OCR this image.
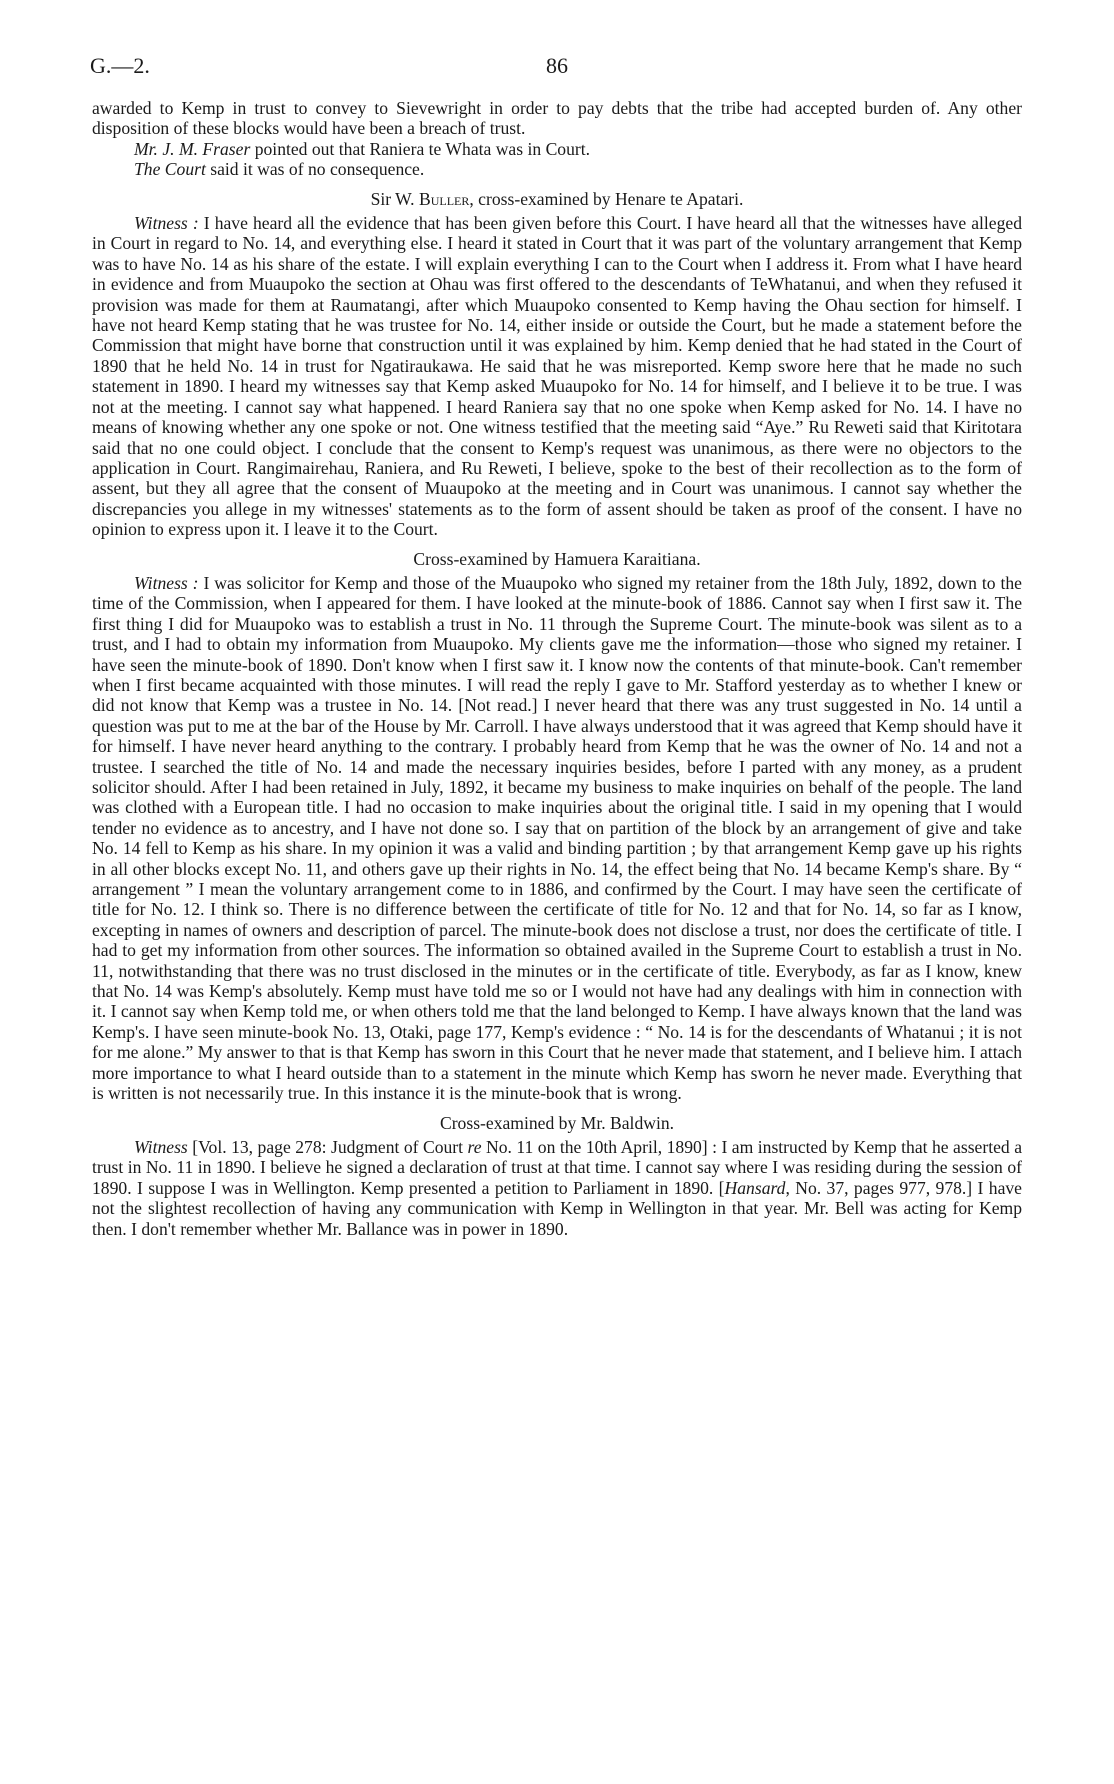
G.—2.	86

awarded to Kemp in trust to convey to Sievewright in order to pay debts that the tribe had accepted burden of. Any other disposition of these blocks would have been a breach of trust.

Mr. J. M. Fraser pointed out that Raniera te Whata was in Court.

The Court said it was of no consequence.

Sir W. Buller, cross-examined by Henare te Apatari.

Witness : I have heard all the evidence that has been given before this Court. I have heard all that the witnesses have alleged in Court in regard to No. 14, and everything else. I heard it stated in Court that it was part of the voluntary arrangement that Kemp was to have No. 14 as his share of the estate. I will explain everything I can to the Court when I address it. From what I have heard in evidence and from Muaupoko the section at Ohau was first offered to the descendants of TeWhatanui, and when they refused it provision was made for them at Raumatangi, after which Muaupoko consented to Kemp having the Ohau section for himself. I have not heard Kemp stating that he was trustee for No. 14, either inside or outside the Court, but he made a statement before the Commission that might have borne that construction until it was explained by him. Kemp denied that he had stated in the Court of 1890 that he held No. 14 in trust for Ngatiraukawa. He said that he was misreported. Kemp swore here that he made no such statement in 1890. I heard my witnesses say that Kemp asked Muaupoko for No. 14 for himself, and I believe it to be true. I was not at the meeting. I cannot say what happened. I heard Raniera say that no one spoke when Kemp asked for No. 14. I have no means of knowing whether any one spoke or not. One witness testified that the meeting said “Aye.” Ru Reweti said that Kiritotara said that no one could object. I conclude that the consent to Kemp's request was unanimous, as there were no objectors to the application in Court. Rangimairehau, Raniera, and Ru Reweti, I believe, spoke to the best of their recollection as to the form of assent, but they all agree that the consent of Muaupoko at the meeting and in Court was unanimous. I cannot say whether the discrepancies you allege in my witnesses' statements as to the form of assent should be taken as proof of the consent. I have no opinion to express upon it. I leave it to the Court.

Cross-examined by Hamuera Karaitiana.

Witness : I was solicitor for Kemp and those of the Muaupoko who signed my retainer from the 18th July, 1892, down to the time of the Commission, when I appeared for them. I have looked at the minute-book of 1886. Cannot say when I first saw it. The first thing I did for Muaupoko was to establish a trust in No. 11 through the Supreme Court. The minute-book was silent as to a trust, and I had to obtain my information from Muaupoko. My clients gave me the information—those who signed my retainer. I have seen the minute-book of 1890. Don't know when I first saw it. I know now the contents of that minute-book. Can't remember when I first became acquainted with those minutes. I will read the reply I gave to Mr. Stafford yesterday as to whether I knew or did not know that Kemp was a trustee in No. 14. [Not read.] I never heard that there was any trust suggested in No. 14 until a question was put to me at the bar of the House by Mr. Carroll. I have always understood that it was agreed that Kemp should have it for himself. I have never heard anything to the contrary. I probably heard from Kemp that he was the owner of No. 14 and not a trustee. I searched the title of No. 14 and made the necessary inquiries besides, before I parted with any money, as a prudent solicitor should. After I had been retained in July, 1892, it became my business to make inquiries on behalf of the people. The land was clothed with a European title. I had no occasion to make inquiries about the original title. I said in my opening that I would tender no evidence as to ancestry, and I have not done so. I say that on partition of the block by an arrangement of give and take No. 14 fell to Kemp as his share. In my opinion it was a valid and binding partition ; by that arrangement Kemp gave up his rights in all other blocks except No. 11, and others gave up their rights in No. 14, the effect being that No. 14 became Kemp's share. By “ arrangement ” I mean the voluntary arrangement come to in 1886, and confirmed by the Court. I may have seen the certificate of title for No. 12. I think so. There is no difference between the certificate of title for No. 12 and that for No. 14, so far as I know, excepting in names of owners and description of parcel. The minute-book does not disclose a trust, nor does the certificate of title. I had to get my information from other sources. The information so obtained availed in the Supreme Court to establish a trust in No. 11, notwithstanding that there was no trust disclosed in the minutes or in the certificate of title. Everybody, as far as I know, knew that No. 14 was Kemp's absolutely. Kemp must have told me so or I would not have had any dealings with him in connection with it. I cannot say when Kemp told me, or when others told me that the land belonged to Kemp. I have always known that the land was Kemp's. I have seen minute-book No. 13, Otaki, page 177, Kemp's evidence : “ No. 14 is for the descendants of Whatanui ; it is not for me alone.” My answer to that is that Kemp has sworn in this Court that he never made that statement, and I believe him. I attach more importance to what I heard outside than to a statement in the minute which Kemp has sworn he never made. Everything that is written is not necessarily true. In this instance it is the minute-book that is wrong.

Cross-examined by Mr. Baldwin.

Witness [Vol. 13, page 278: Judgment of Court re No. 11 on the 10th April, 1890] : I am instructed by Kemp that he asserted a trust in No. 11 in 1890. I believe he signed a declaration of trust at that time. I cannot say where I was residing during the session of 1890. I suppose I was in Wellington. Kemp presented a petition to Parliament in 1890. [Hansard, No. 37, pages 977, 978.] I have not the slightest recollection of having any communication with Kemp in Wellington in that year. Mr. Bell was acting for Kemp then. I don't remember whether Mr. Ballance was in power in 1890.
